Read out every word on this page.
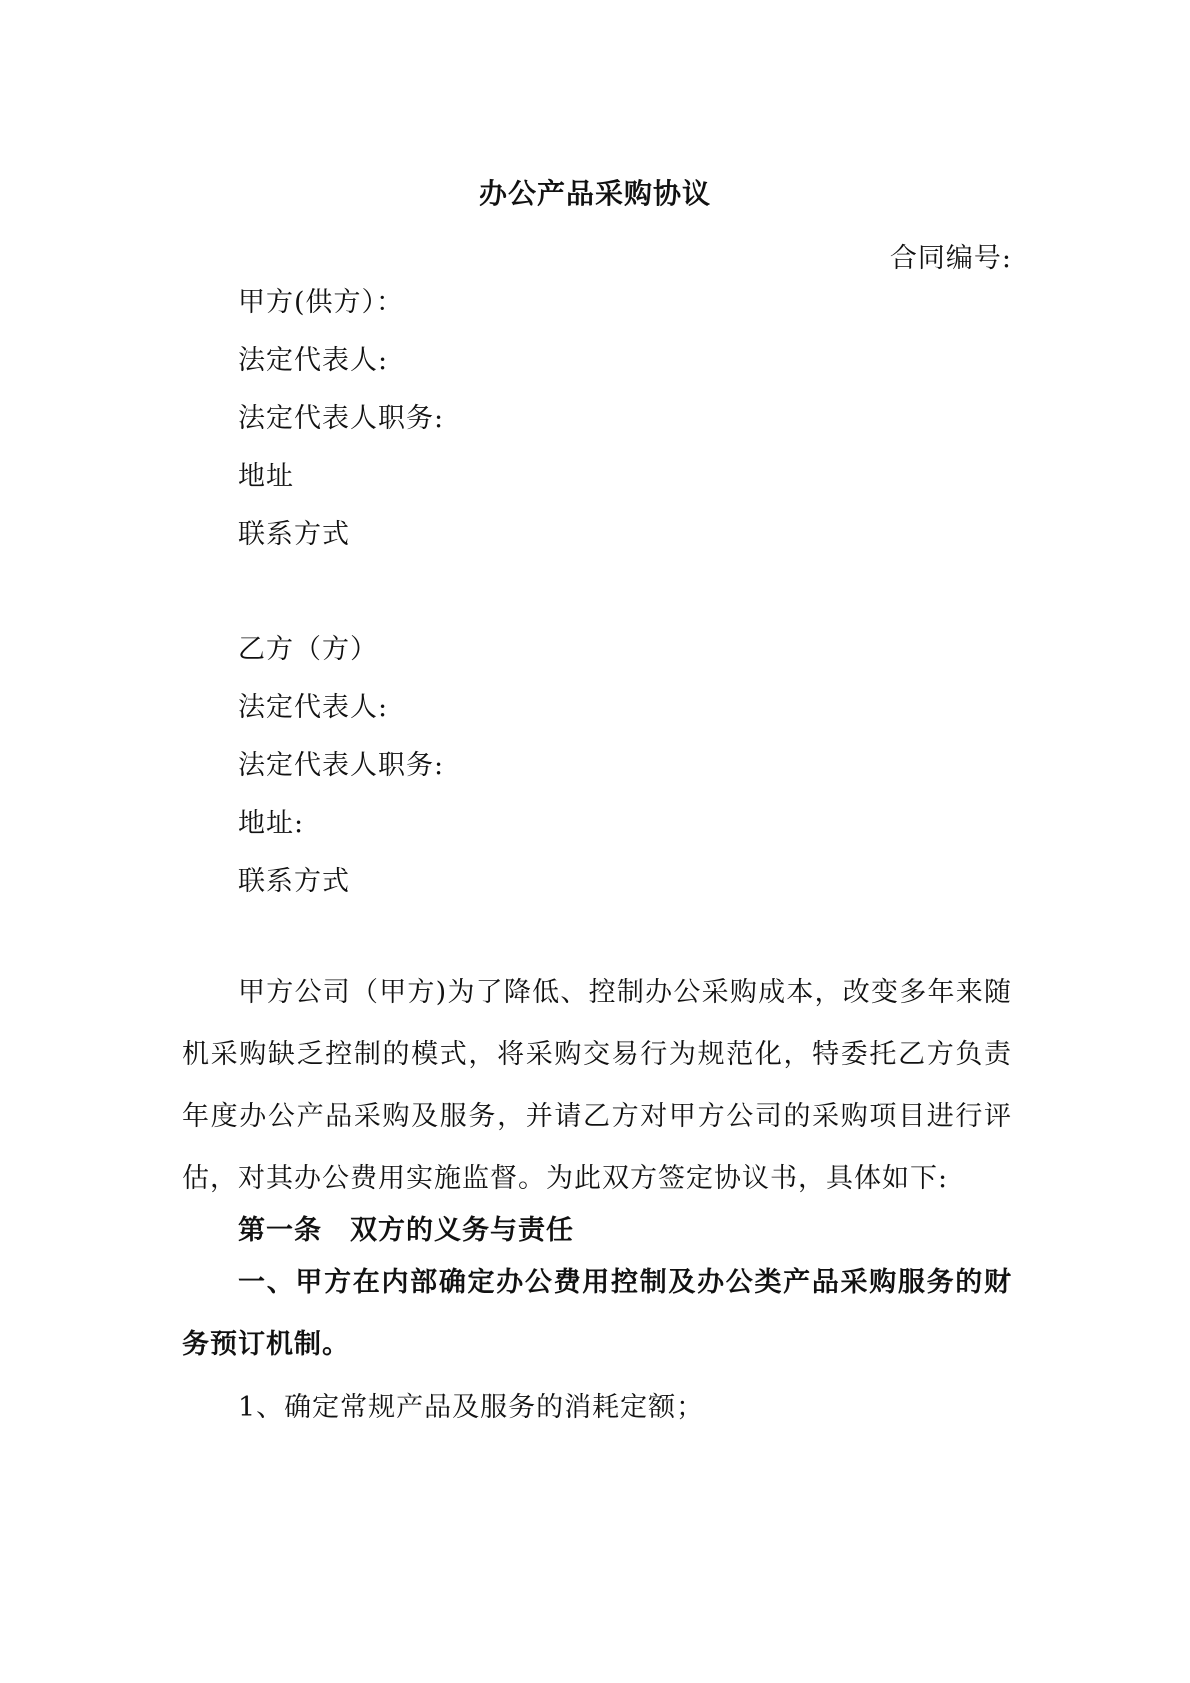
办公产品采购协议
合同编号:
甲方(供方）：
法定代表人:
法定代表人职务:
地址
联系方式
乙方（方）
法定代表人:
法定代表人职务:
地址:
联系方式
甲方公司（甲方)为了降低、控制办公采购成本，改变多年来随机采购缺乏控制的模式，将采购交易行为规范化，特委托乙方负责年度办公产品采购及服务，并请乙方对甲方公司的采购项目进行评估，对其办公费用实施监督。为此双方签定协议书，具体如下:
第一条　双方的义务与责任
一、甲方在内部确定办公费用控制及办公类产品采购服务的财务预订机制。
1、确定常规产品及服务的消耗定额；
